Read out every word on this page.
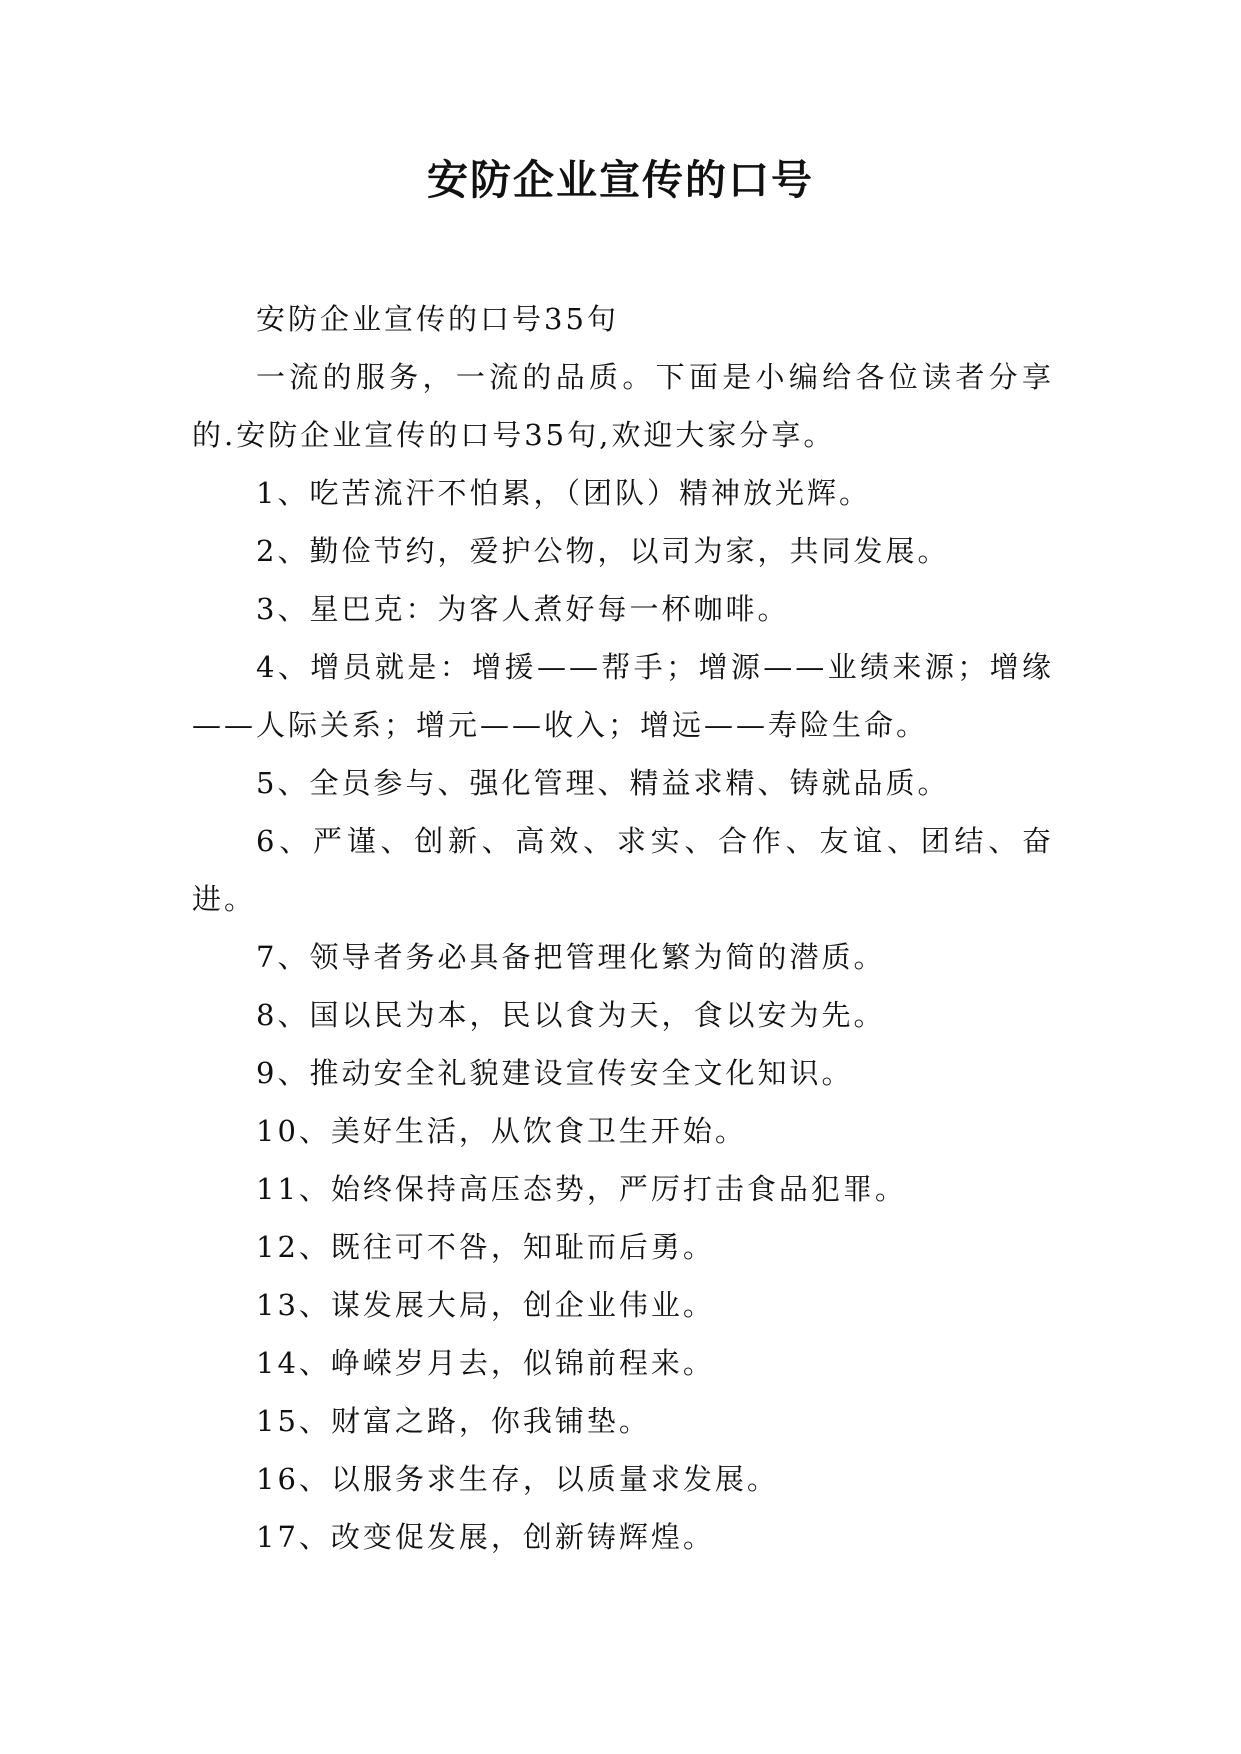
安防企业宣传的口号

安防企业宣传的口号35句

一流的服务，一流的品质。下面是小编给各位读者分享的.安防企业宣传的口号35句,欢迎大家分享。

1、吃苦流汗不怕累，（团队）精神放光辉。

2、勤俭节约，爱护公物，以司为家，共同发展。

3、星巴克：为客人煮好每一杯咖啡。

4、增员就是：增援——帮手；增源——业绩来源；增缘——人际关系；增元——收入；增远——寿险生命。

5、全员参与、强化管理、精益求精、铸就品质。

6、严谨、创新、高效、求实、合作、友谊、团结、奋进。

7、领导者务必具备把管理化繁为简的潜质。

8、国以民为本，民以食为天，食以安为先。

9、推动安全礼貌建设宣传安全文化知识。

10、美好生活，从饮食卫生开始。

11、始终保持高压态势，严厉打击食品犯罪。

12、既往可不咎，知耻而后勇。

13、谋发展大局，创企业伟业。

14、峥嵘岁月去，似锦前程来。

15、财富之路，你我铺垫。

16、以服务求生存，以质量求发展。

17、改变促发展，创新铸辉煌。
